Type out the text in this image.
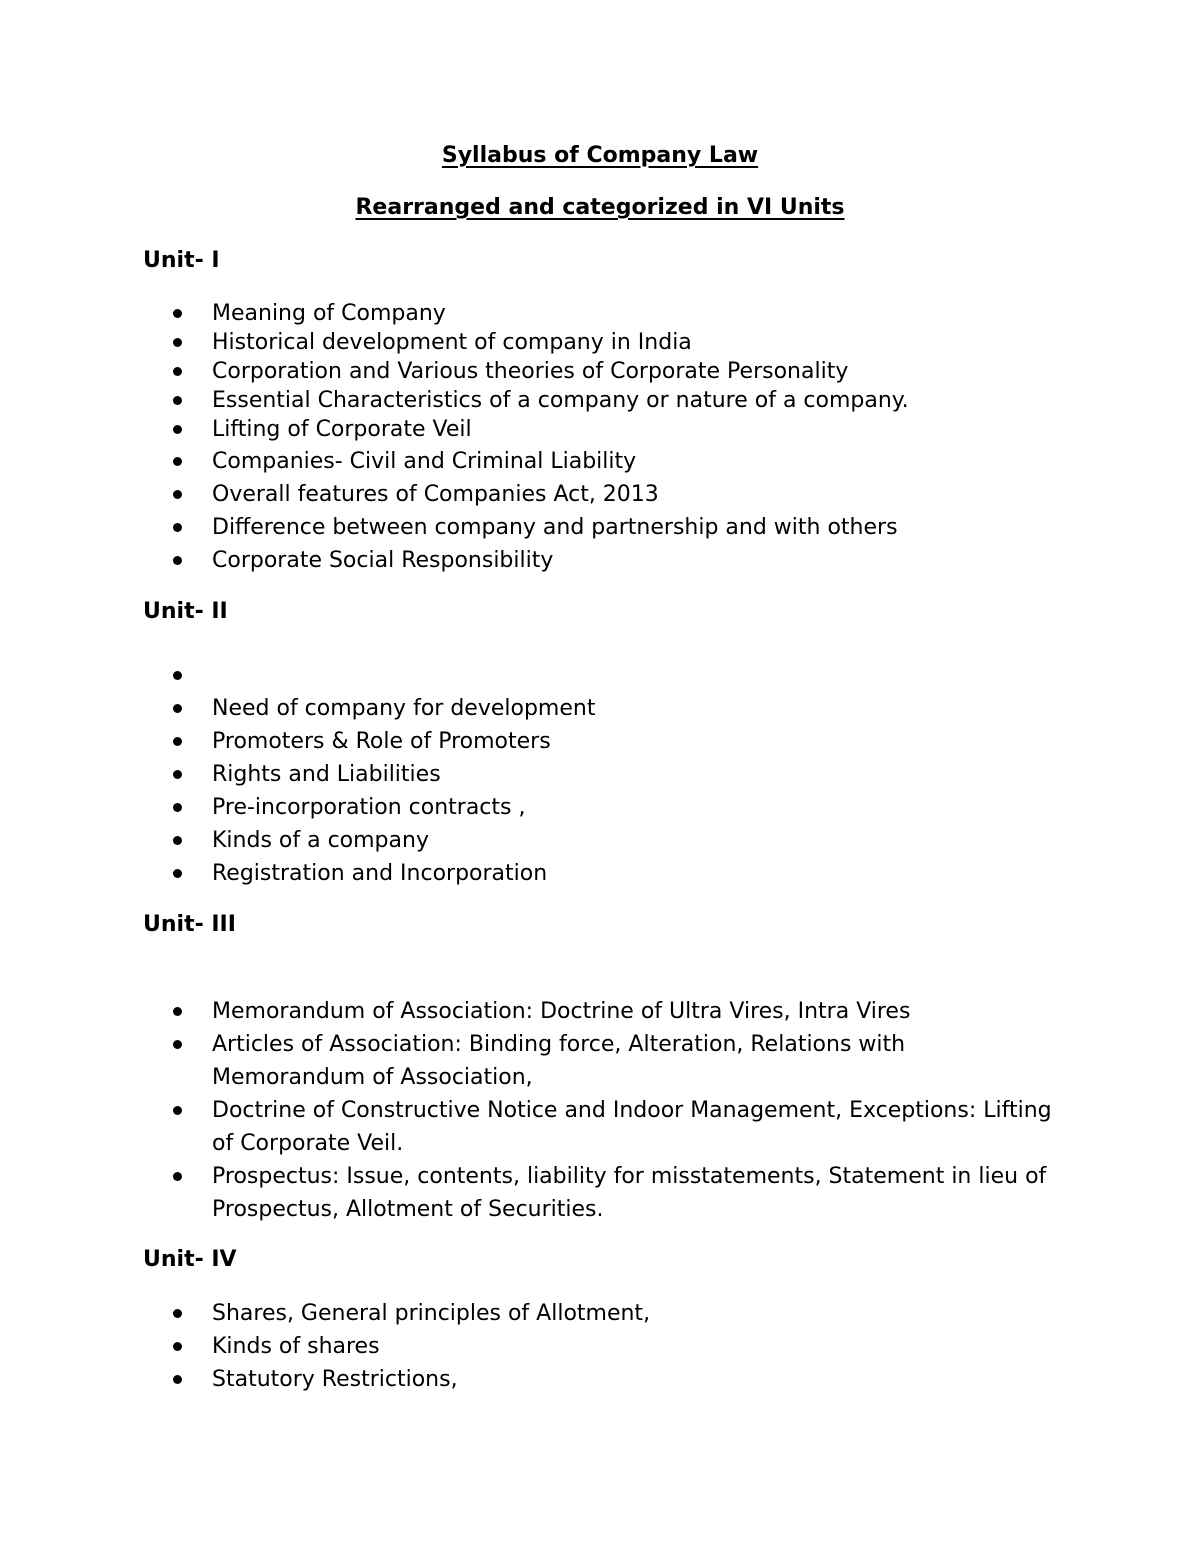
Syllabus of Company Law
Rearranged and categorized in VI Units
Unit- I
Meaning of Company
Historical development of company in India
Corporation and Various theories of Corporate Personality
Essential Characteristics of a company or nature of a company.
Lifting of Corporate Veil
Companies- Civil and Criminal Liability
Overall features of Companies Act, 2013
Difference between company and partnership and with others
Corporate Social Responsibility
Unit- II
Need of company for development
Promoters & Role of Promoters
Rights and Liabilities
Pre-incorporation contracts ,
Kinds of a company
Registration and Incorporation
Unit- III
Memorandum of Association: Doctrine of Ultra Vires, Intra Vires
Articles of Association: Binding force, Alteration, Relations with Memorandum of Association,
Doctrine of Constructive Notice and Indoor Management, Exceptions: Lifting of Corporate Veil.
Prospectus: Issue, contents, liability for misstatements, Statement in lieu of Prospectus, Allotment of Securities.
Unit- IV
Shares, General principles of Allotment,
Kinds of shares
Statutory Restrictions,
